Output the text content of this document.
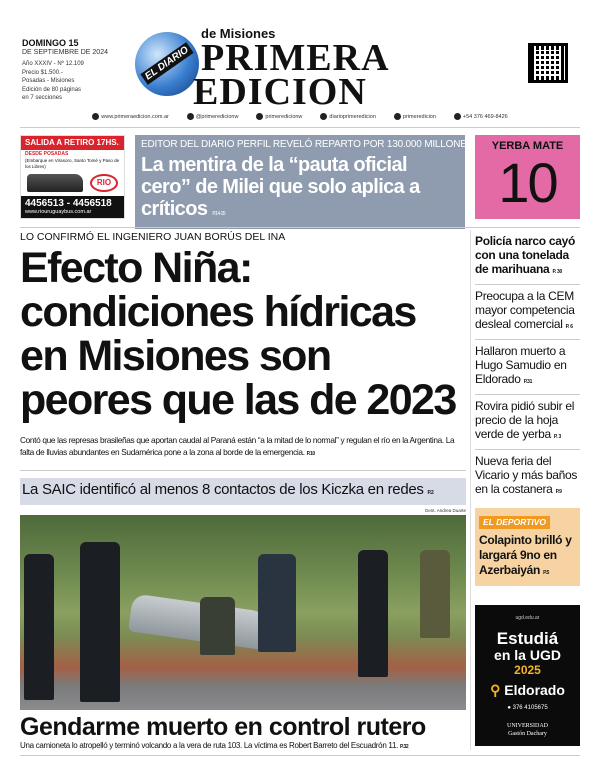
DOMINGO 15
DE SEPTIEMBRE DE 2024
Año XXXIV - Nº 12.109
Precio $1.500.-
Posadas - Misiones
Edición de 80 páginas
en 7 secciones
EL DIARIO
de Misiones
PRIMERA
EDICION
www.primeraedicion.com.ar	@primeredicionw	primeredicionw	diarioprimeredicion	primeredicion	+54 376 469-8426
SALIDA A RETIRO 17HS.
DESDE POSADAS
(Embarque en Virasoro, Santo Tomé y Paso de los Libres)
RIO
4456513 - 4456518
www.riouruguaybus.com.ar
EDITOR DEL DIARIO PERFIL REVELÓ REPARTO POR 130.000 MILLONES
La mentira de la “pauta oficial cero” de Milei que solo aplica a críticos P.14-15
YERBA MATE
10
LO CONFIRMÓ EL INGENIERO JUAN BORÚS DEL INA
Efecto Niña: condiciones hídricas en Misiones son peores que las de 2023
Contó que las represas brasileñas que aportan caudal al Paraná están “a la mitad de lo normal” y regulan el río en la Argentina. La falta de lluvias abundantes en Sudamérica pone a la zona al borde de la emergencia. P.10
La SAIC identificó al menos 8 contactos de los Kiczka en redes P.2
Gent. Andrea Duarte
Gendarme muerto en control rutero
Una camioneta lo atropelló y terminó volcando a la vera de ruta 103. La víctima es Robert Barreto del Escuadrón 11. P.32
Policía narco cayó con una tonelada de marihuana P. 30
Preocupa a la CEM mayor competencia desleal comercial P. 6
Hallaron muerto a Hugo Samudio en Eldorado P.31
Rovira pidió subir el precio de la hoja verde de yerba P. 3
Nueva feria del Vicario y más baños en la costanera P.9
EL DEPORTIVO
Colapinto brilló y largará 9no en Azerbaiyán P.5
ugd.edu.ar
Estudiá
en la UGD
2025
⚲ Eldorado
● 376 4105675
UNIVERSIDAD
Gastón Dachary
